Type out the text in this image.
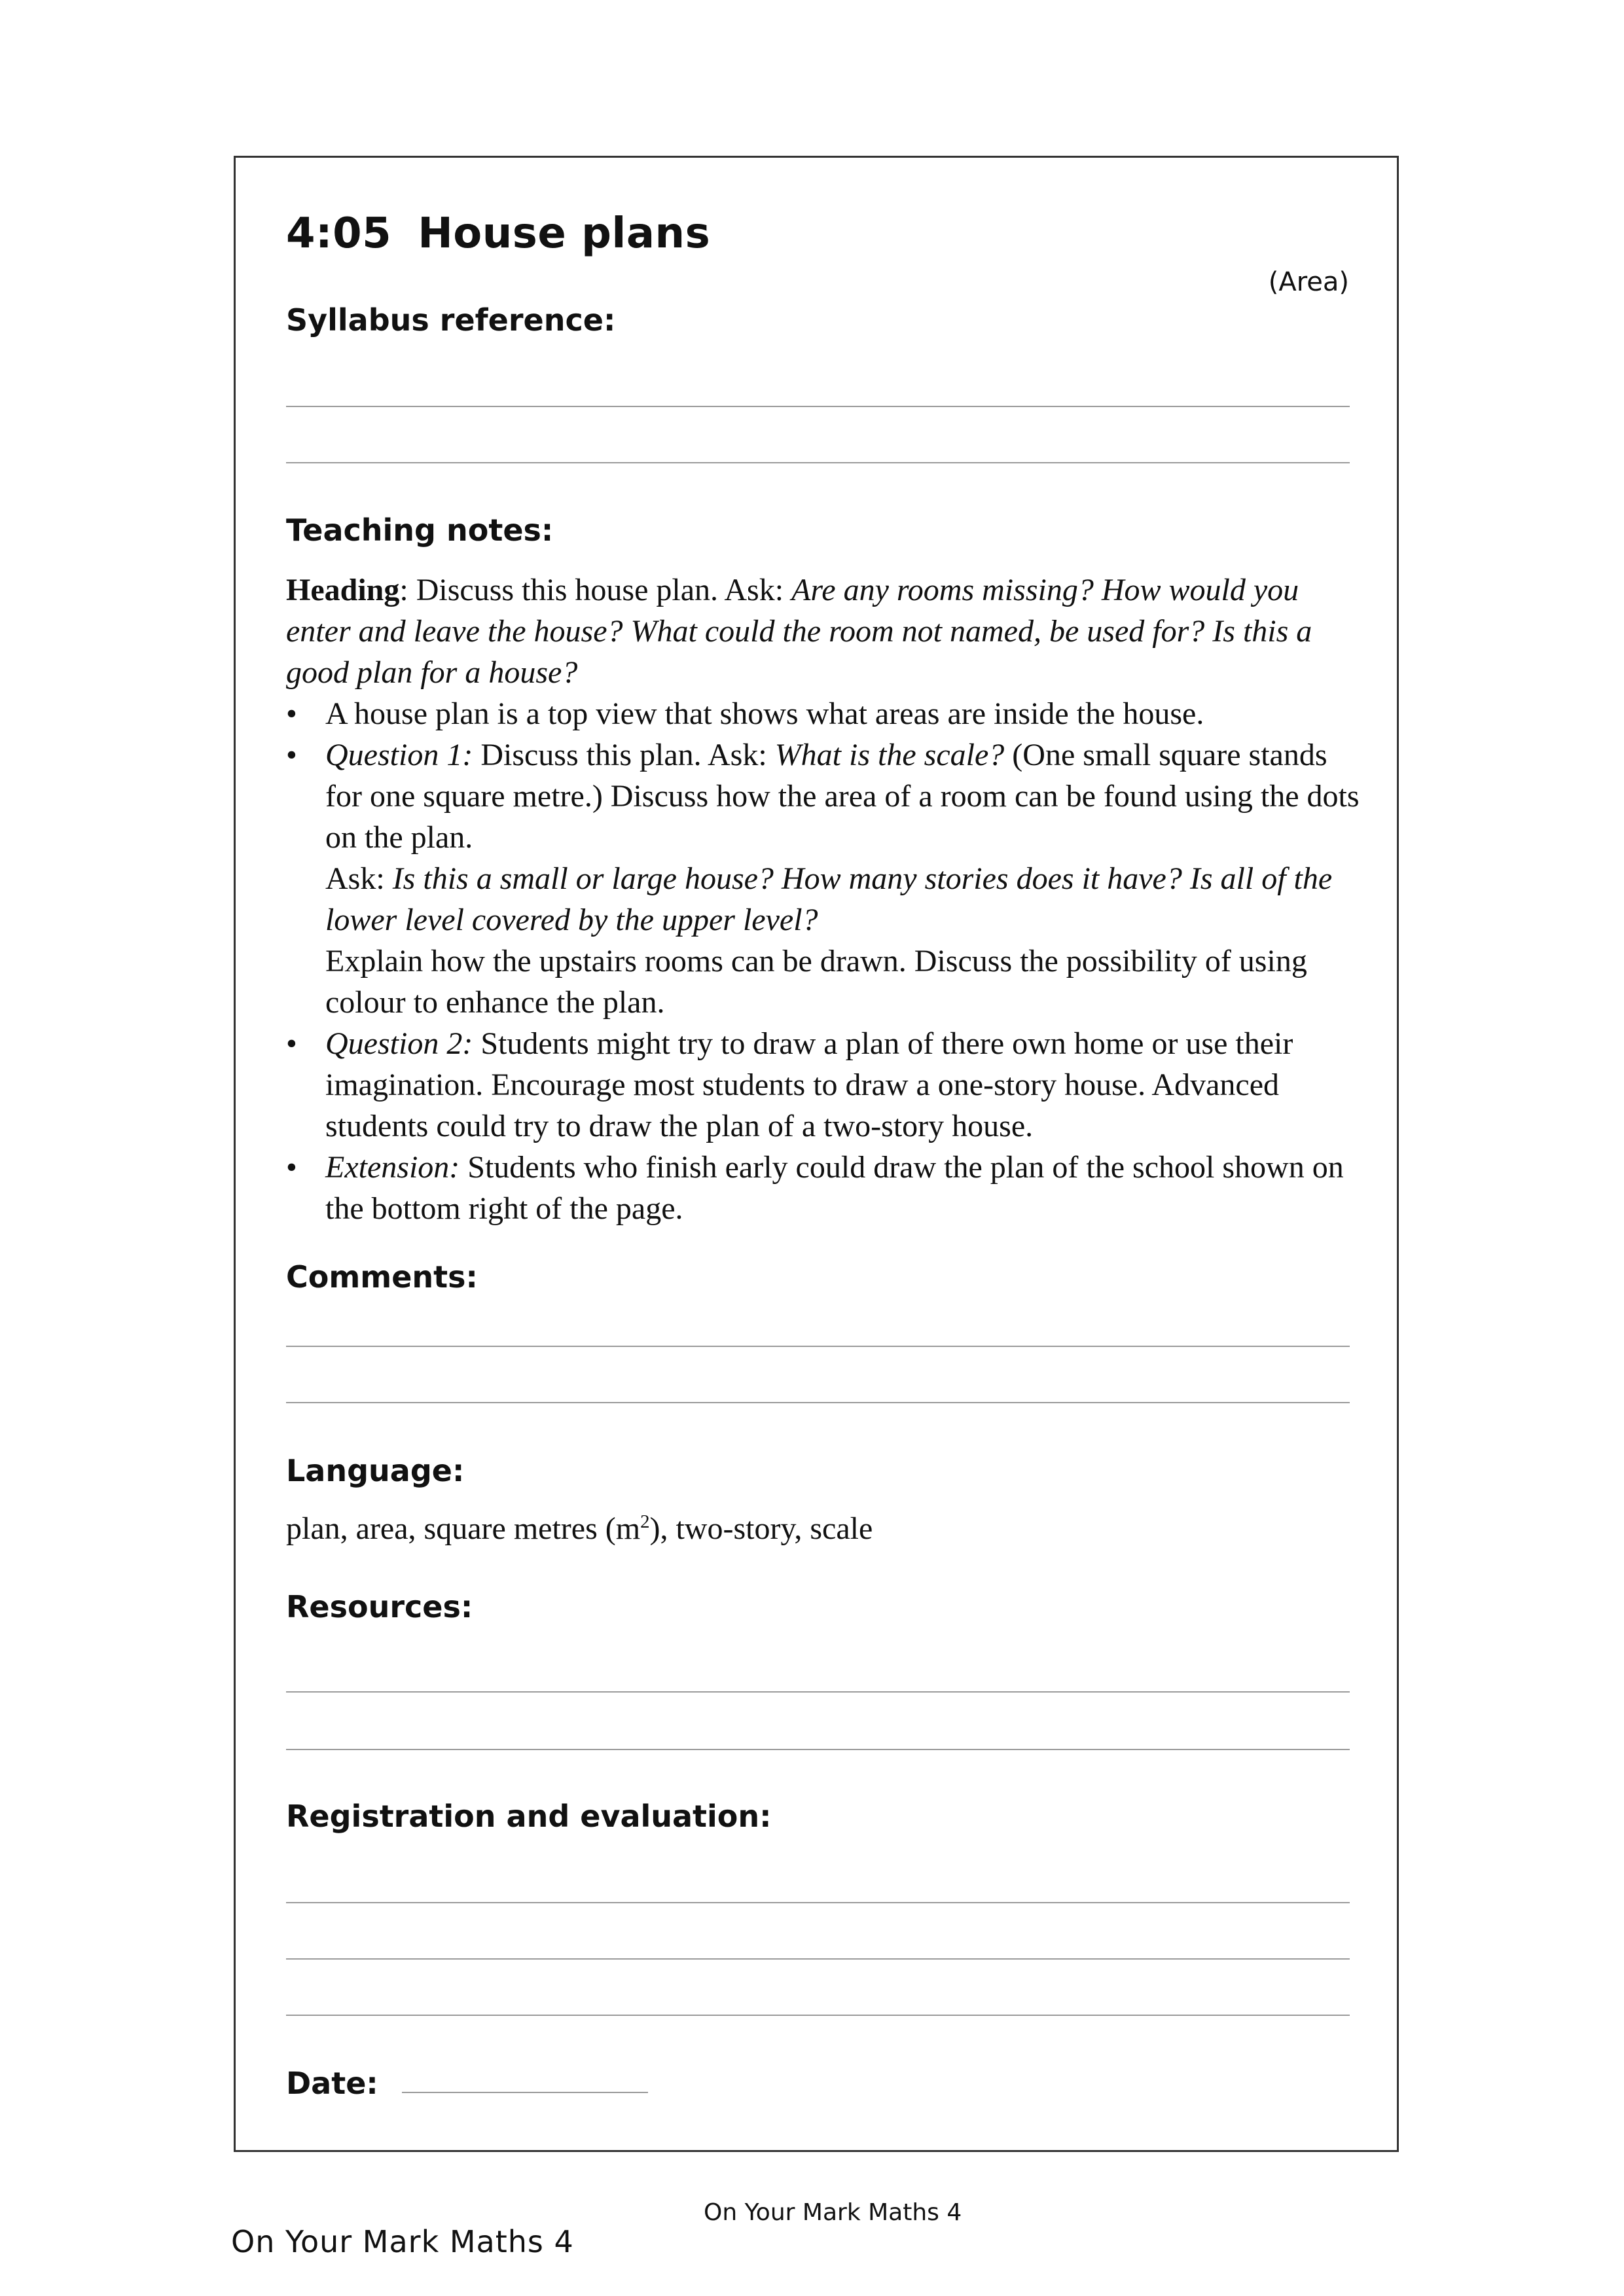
4:05 House plans
(Area)
Syllabus reference:
Teaching notes:

Heading: Discuss this house plan. Ask: Are any rooms missing? How would you enter and leave the house? What could the room not named, be used for? Is this a good plan for a house?

• A house plan is a top view that shows what areas are inside the house.
• Question 1: Discuss this plan. Ask: What is the scale? (One small square stands for one square metre.) Discuss how the area of a room can be found using the dots on the plan.
Ask: Is this a small or large house? How many stories does it have? Is all of the lower level covered by the upper level?
Explain how the upstairs rooms can be drawn. Discuss the possibility of using colour to enhance the plan.
• Question 2: Students might try to draw a plan of there own home or use their imagination. Encourage most students to draw a one-story house. Advanced students could try to draw the plan of a two-story house.
• Extension: Students who finish early could draw the plan of the school shown on the bottom right of the page.
Comments:
Language:
plan, area, square metres $(m^2)$, two-story, scale
Resources:
Registration and evaluation:
Date:
On Your Mark Maths 4
On Your Mark Maths 4
